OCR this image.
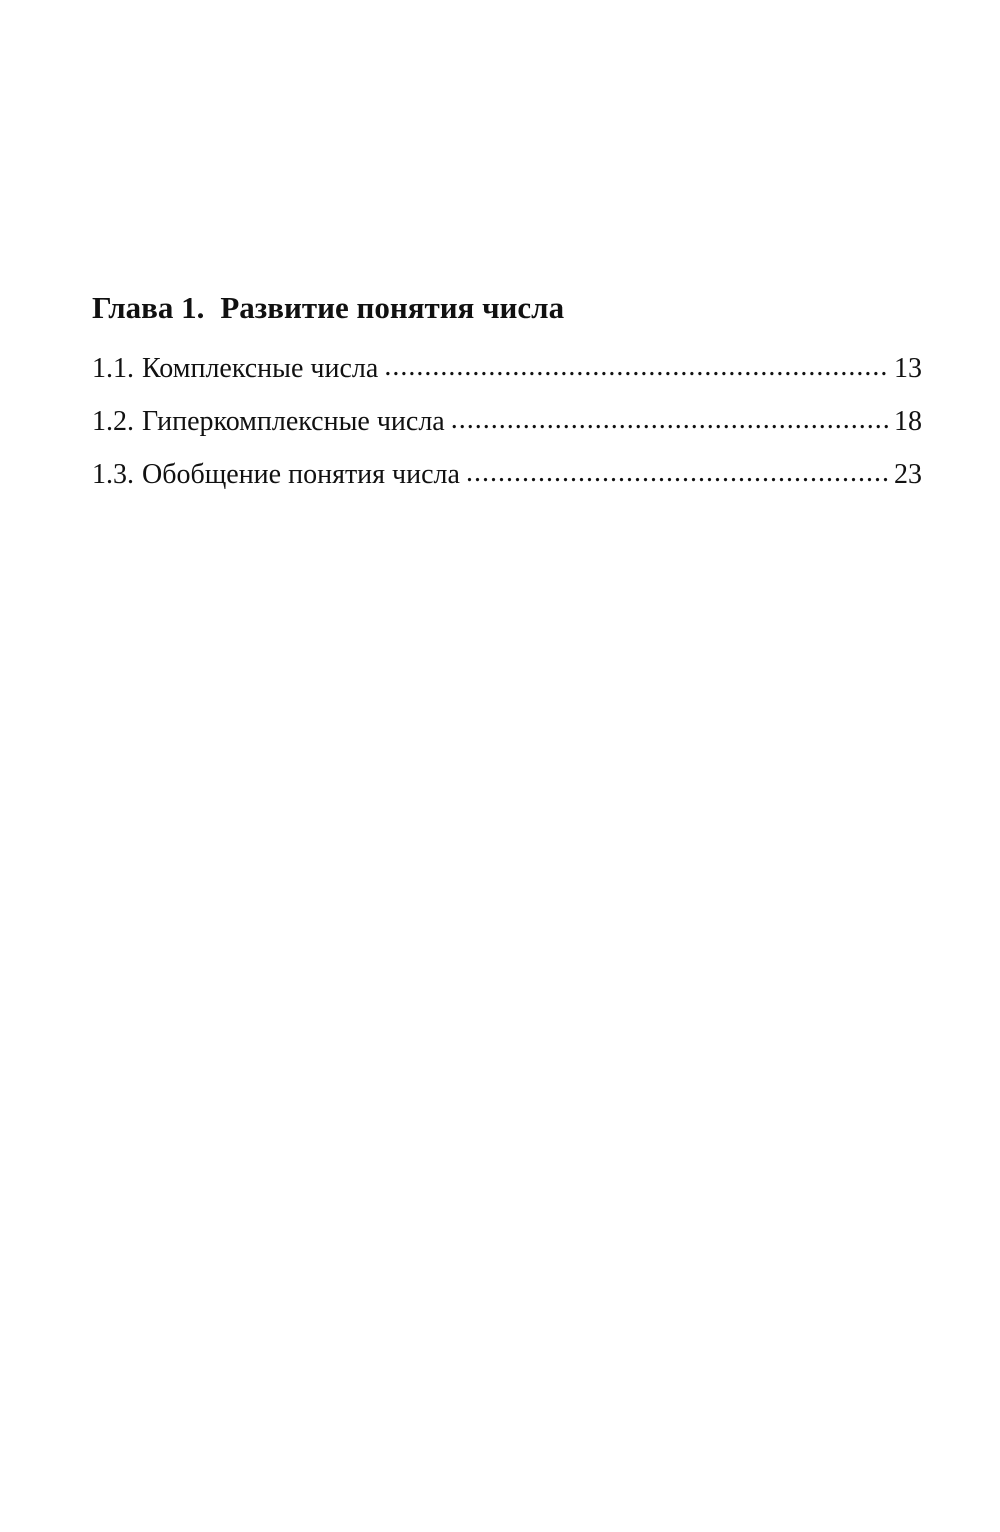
Глава 1. Развитие понятия числа
1.1. Комплексные числа .....	13
1.2. Гиперкомплексные числа .....	18
1.3. Обобщение понятия числа .....	23
